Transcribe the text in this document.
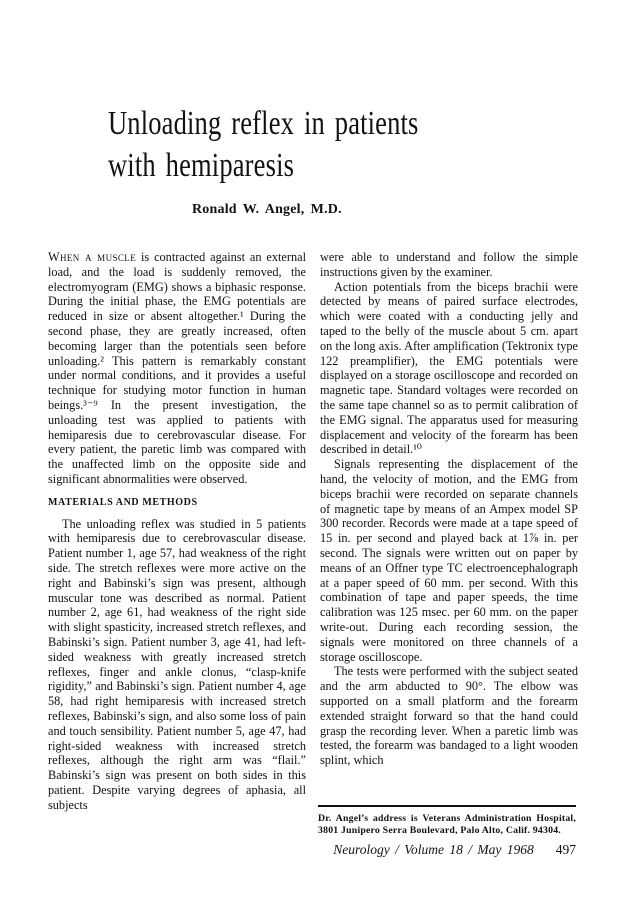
Unloading reflex in patients
with hemiparesis
Ronald W. Angel, M.D.

When a muscle is contracted against an external load, and the load is suddenly removed, the electromyogram (EMG) shows a biphasic response. During the initial phase, the EMG potentials are reduced in size or absent altogether.¹ During the second phase, they are greatly increased, often becoming larger than the potentials seen before unloading.² This pattern is remarkably constant under normal conditions, and it provides a useful technique for studying motor function in human beings.³⁻⁹ In the present investigation, the unloading test was applied to patients with hemiparesis due to cerebrovascular disease. For every patient, the paretic limb was compared with the unaffected limb on the opposite side and significant abnormalities were observed.

MATERIALS AND METHODS

The unloading reflex was studied in 5 patients with hemiparesis due to cerebrovascular disease. Patient number 1, age 57, had weakness of the right side. The stretch reflexes were more active on the right and Babinski’s sign was present, although muscular tone was described as normal. Patient number 2, age 61, had weakness of the right side with slight spasticity, increased stretch reflexes, and Babinski’s sign. Patient number 3, age 41, had left-sided weakness with greatly increased stretch reflexes, finger and ankle clonus, “clasp-knife rigidity,” and Babinski’s sign. Patient number 4, age 58, had right hemiparesis with increased stretch reflexes, Babinski’s sign, and also some loss of pain and touch sensibility. Patient number 5, age 47, had right-sided weakness with increased stretch reflexes, although the right arm was “flail.” Babinski’s sign was present on both sides in this patient. Despite varying degrees of aphasia, all subjects

were able to understand and follow the simple instructions given by the examiner.

Action potentials from the biceps brachii were detected by means of paired surface electrodes, which were coated with a conducting jelly and taped to the belly of the muscle about 5 cm. apart on the long axis. After amplification (Tektronix type 122 preamplifier), the EMG potentials were displayed on a storage oscilloscope and recorded on magnetic tape. Standard voltages were recorded on the same tape channel so as to permit calibration of the EMG signal. The apparatus used for measuring displacement and velocity of the forearm has been described in detail.¹⁰

Signals representing the displacement of the hand, the velocity of motion, and the EMG from biceps brachii were recorded on separate channels of magnetic tape by means of an Ampex model SP 300 recorder. Records were made at a tape speed of 15 in. per second and played back at 1⅞ in. per second. The signals were written out on paper by means of an Offner type TC electroencephalograph at a paper speed of 60 mm. per second. With this combination of tape and paper speeds, the time calibration was 125 msec. per 60 mm. on the paper write-out. During each recording session, the signals were monitored on three channels of a storage oscilloscope.

The tests were performed with the subject seated and the arm abducted to 90°. The elbow was supported on a small platform and the forearm extended straight forward so that the hand could grasp the recording lever. When a paretic limb was tested, the forearm was bandaged to a light wooden splint, which

Dr. Angel’s address is Veterans Administration Hospital, 3801 Junipero Serra Boulevard, Palo Alto, Calif. 94304.

Neurology / Volume 18 / May 1968 497
